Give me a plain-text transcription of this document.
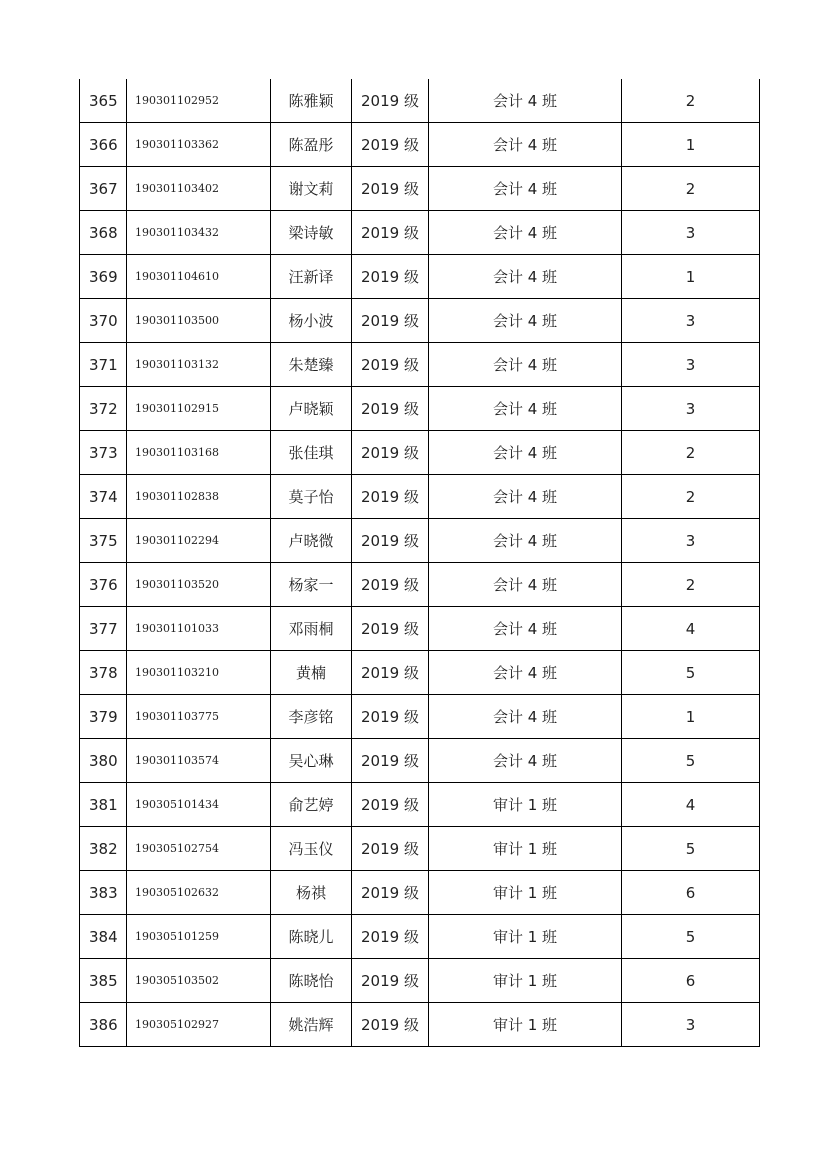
365	190301102952	陈雅颖	2019 级	会计 4 班	2
366	190301103362	陈盈彤	2019 级	会计 4 班	1
367	190301103402	谢文莉	2019 级	会计 4 班	2
368	190301103432	梁诗敏	2019 级	会计 4 班	3
369	190301104610	汪新译	2019 级	会计 4 班	1
370	190301103500	杨小波	2019 级	会计 4 班	3
371	190301103132	朱楚臻	2019 级	会计 4 班	3
372	190301102915	卢晓颖	2019 级	会计 4 班	3
373	190301103168	张佳琪	2019 级	会计 4 班	2
374	190301102838	莫子怡	2019 级	会计 4 班	2
375	190301102294	卢晓微	2019 级	会计 4 班	3
376	190301103520	杨家一	2019 级	会计 4 班	2
377	190301101033	邓雨桐	2019 级	会计 4 班	4
378	190301103210	黄楠	2019 级	会计 4 班	5
379	190301103775	李彦铭	2019 级	会计 4 班	1
380	190301103574	吴心琳	2019 级	会计 4 班	5
381	190305101434	俞艺婷	2019 级	审计 1 班	4
382	190305102754	冯玉仪	2019 级	审计 1 班	5
383	190305102632	杨祺	2019 级	审计 1 班	6
384	190305101259	陈晓儿	2019 级	审计 1 班	5
385	190305103502	陈晓怡	2019 级	审计 1 班	6
386	190305102927	姚浩辉	2019 级	审计 1 班	3
